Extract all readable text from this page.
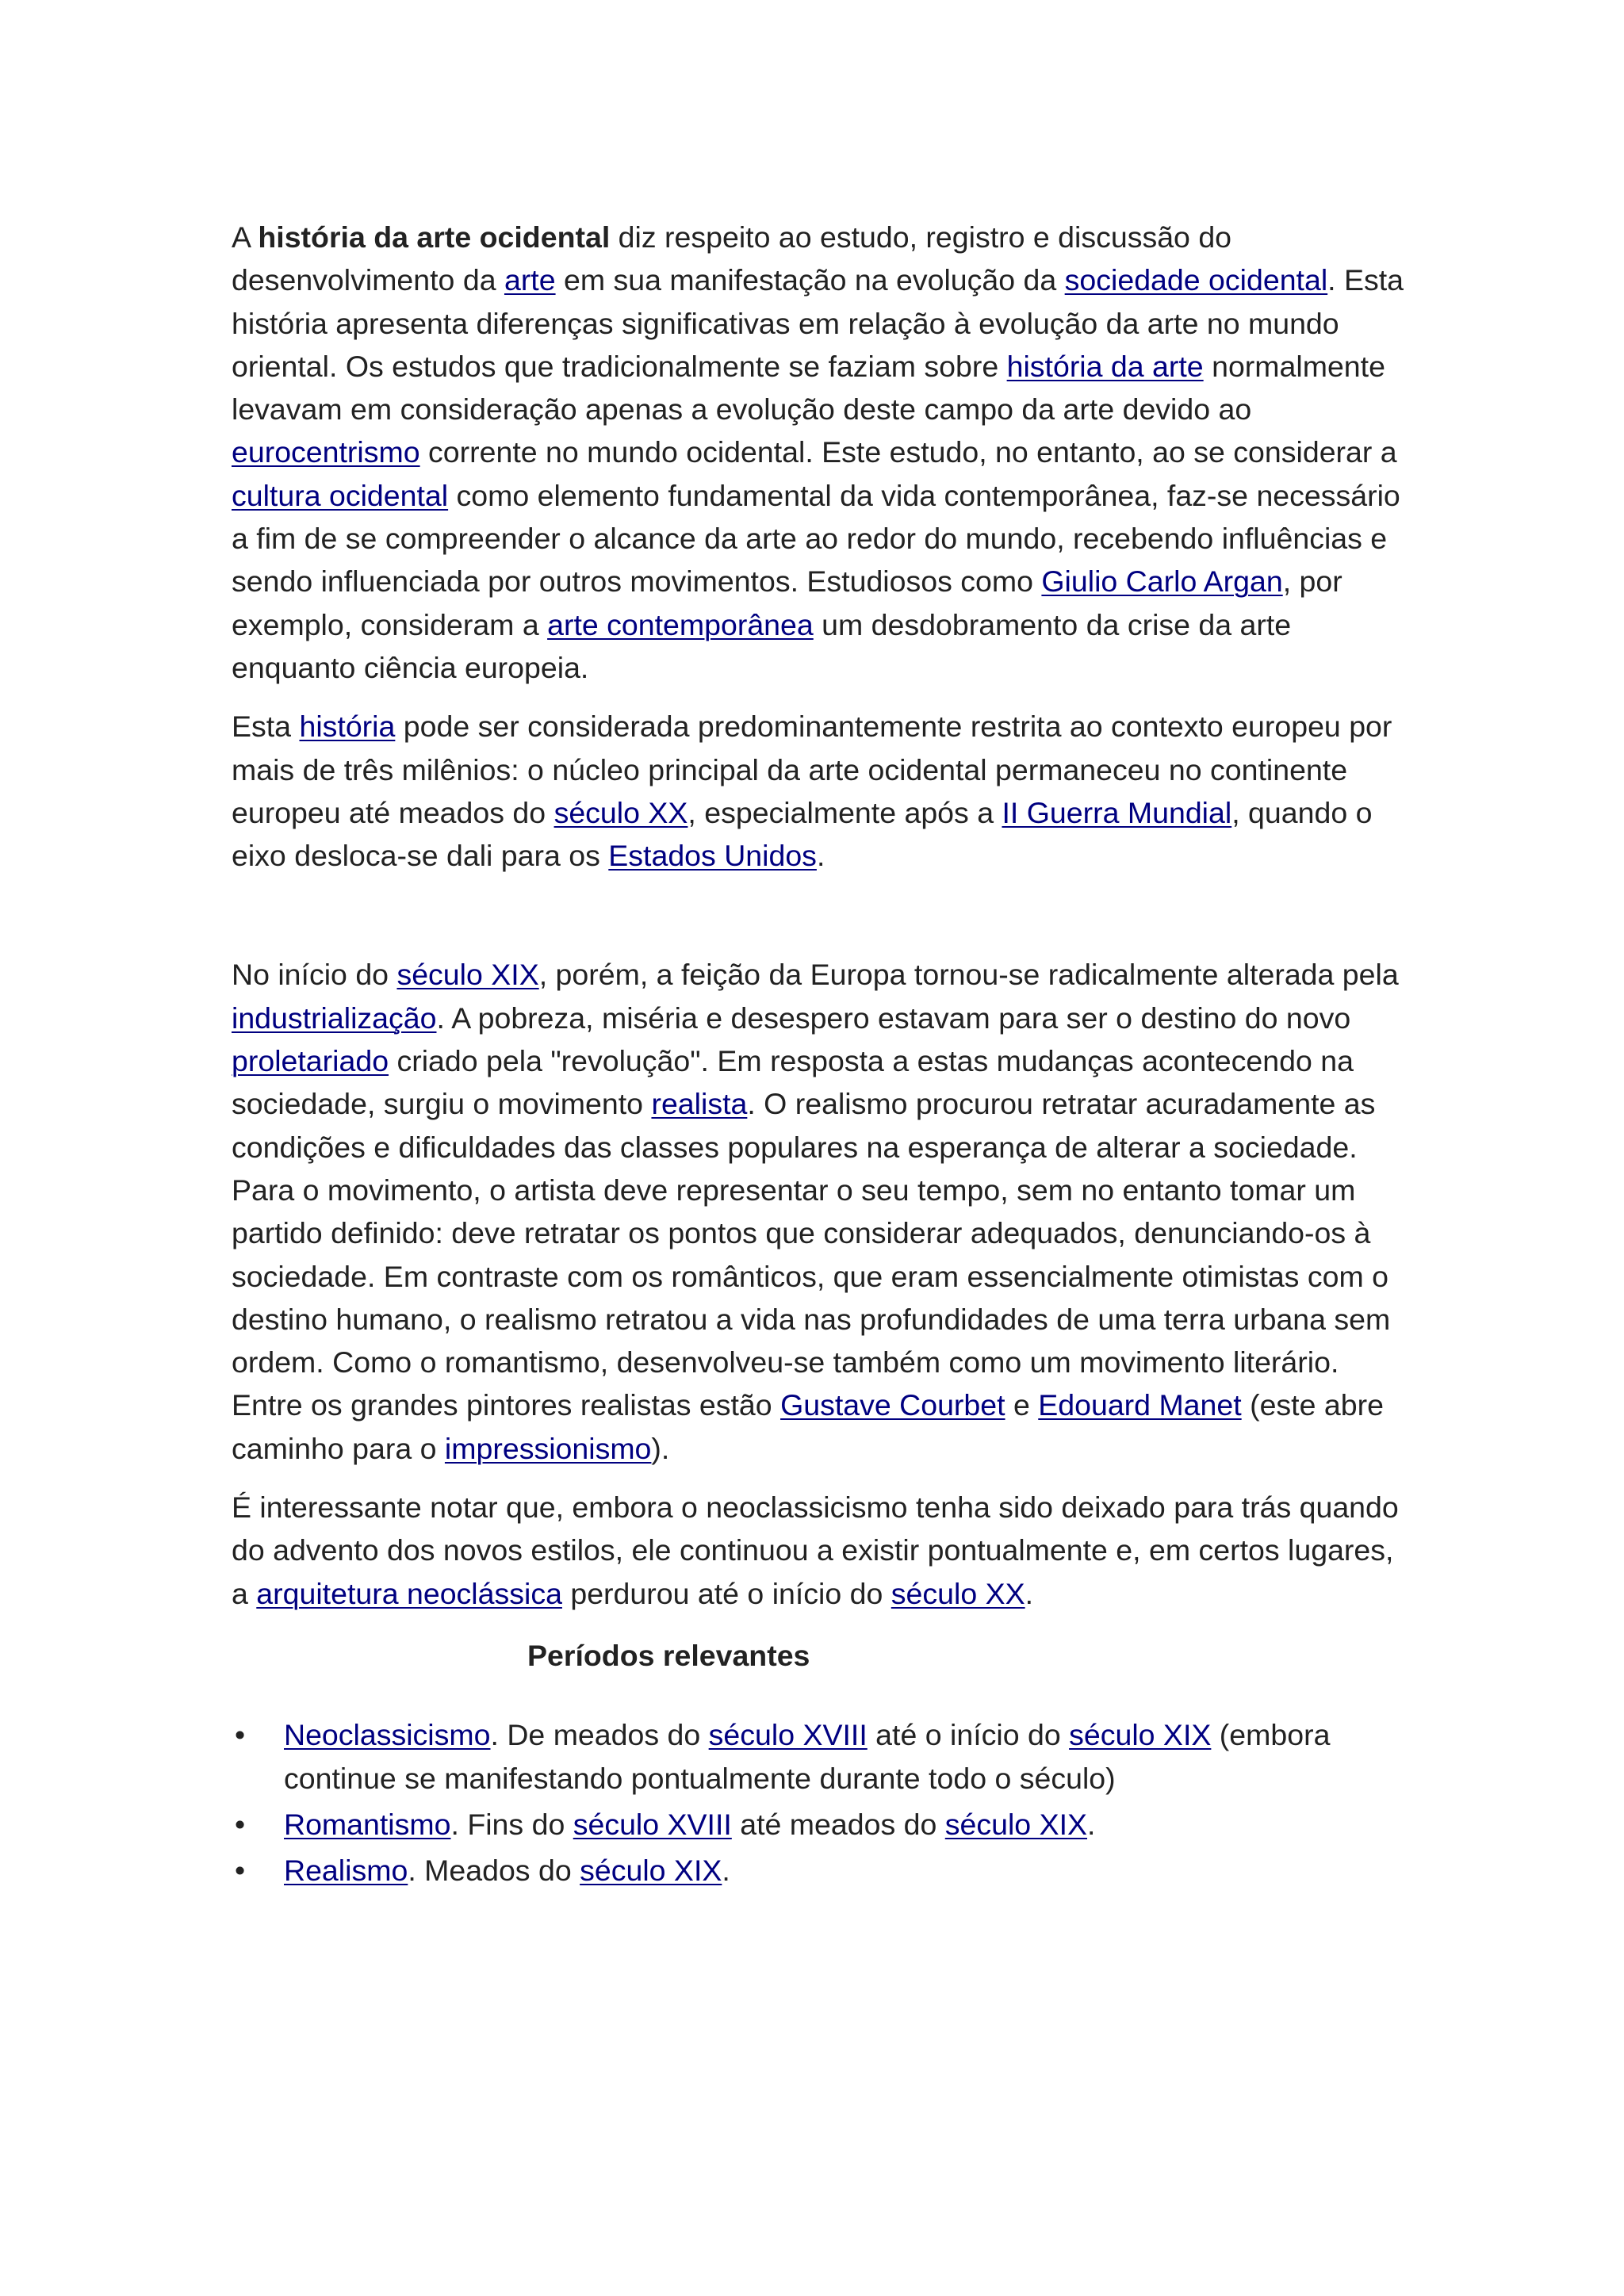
A história da arte ocidental diz respeito ao estudo, registro e discussão do desenvolvimento da arte em sua manifestação na evolução da sociedade ocidental. Esta história apresenta diferenças significativas em relação à evolução da arte no mundo oriental. Os estudos que tradicionalmente se faziam sobre história da arte normalmente levavam em consideração apenas a evolução deste campo da arte devido ao eurocentrismo corrente no mundo ocidental. Este estudo, no entanto, ao se considerar a cultura ocidental como elemento fundamental da vida contemporânea, faz-se necessário a fim de se compreender o alcance da arte ao redor do mundo, recebendo influências e sendo influenciada por outros movimentos. Estudiosos como Giulio Carlo Argan, por exemplo, consideram a arte contemporânea um desdobramento da crise da arte enquanto ciência europeia.

Esta história pode ser considerada predominantemente restrita ao contexto europeu por mais de três milênios: o núcleo principal da arte ocidental permaneceu no continente europeu até meados do século XX, especialmente após a II Guerra Mundial, quando o eixo desloca-se dali para os Estados Unidos.

No início do século XIX, porém, a feição da Europa tornou-se radicalmente alterada pela industrialização. A pobreza, miséria e desespero estavam para ser o destino do novo proletariado criado pela "revolução". Em resposta a estas mudanças acontecendo na sociedade, surgiu o movimento realista. O realismo procurou retratar acuradamente as condições e dificuldades das classes populares na esperança de alterar a sociedade. Para o movimento, o artista deve representar o seu tempo, sem no entanto tomar um partido definido: deve retratar os pontos que considerar adequados, denunciando-os à sociedade. Em contraste com os românticos, que eram essencialmente otimistas com o destino humano, o realismo retratou a vida nas profundidades de uma terra urbana sem ordem. Como o romantismo, desenvolveu-se também como um movimento literário. Entre os grandes pintores realistas estão Gustave Courbet e Edouard Manet (este abre caminho para o impressionismo).

É interessante notar que, embora o neoclassicismo tenha sido deixado para trás quando do advento dos novos estilos, ele continuou a existir pontualmente e, em certos lugares, a arquitetura neoclássica perdurou até o início do século XX.

Períodos relevantes
• Neoclassicismo. De meados do século XVIII até o início do século XIX (embora continue se manifestando pontualmente durante todo o século)
• Romantismo. Fins do século XVIII até meados do século XIX.
• Realismo. Meados do século XIX.
